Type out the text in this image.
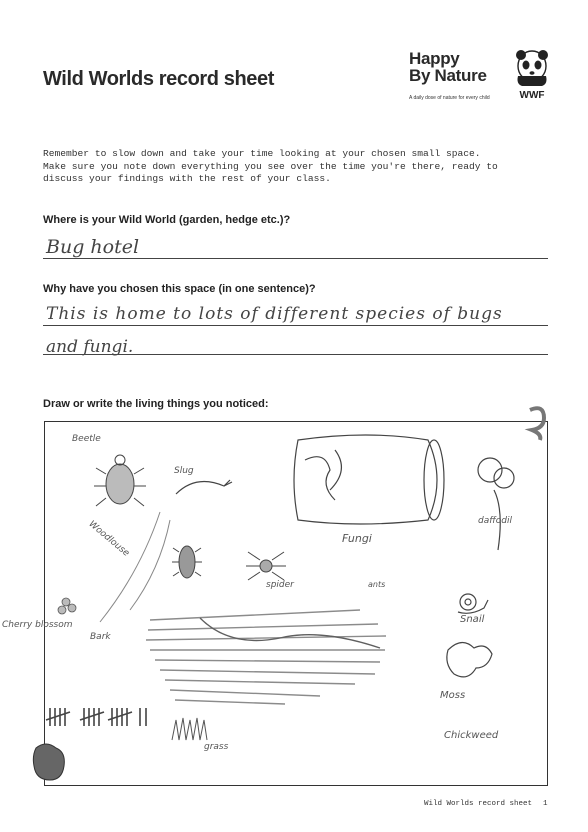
Wild Worlds record sheet
Happy
By Nature
A daily dose of nature for every child	WWF
Remember to slow down and take your time looking at your chosen small space.
Make sure you note down everything you see over the time you're there, ready to
discuss your findings with the rest of your class.
Where is your Wild World (garden, hedge etc.)?
Bug hotel
Why have you chosen this space (in one sentence)?
This is home to lots of different species of bugs
and fungi.
Draw or write the living things you noticed:
Beetle
Slug
Fungi
daffodil
Woodlouse
spider	ants
Cherry blossom
Bark
Snail
Moss
Chickweed
grass
Wild Worlds record sheet 1
